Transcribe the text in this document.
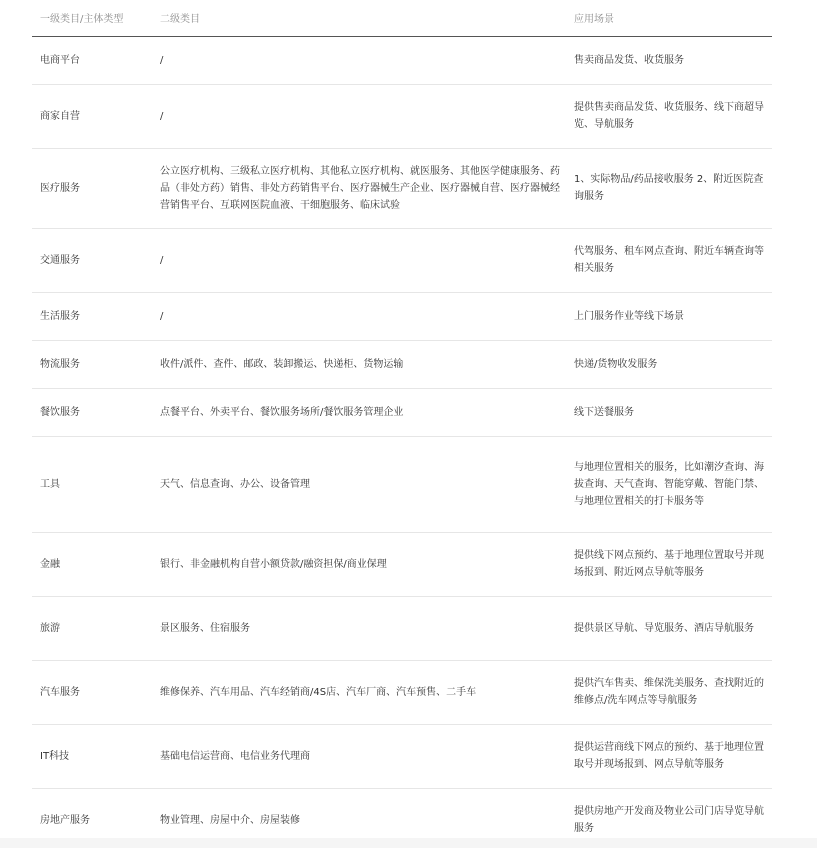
一级类目/主体类型	二级类目	应用场景
电商平台	/	售卖商品发货、收货服务
商家自营	/	提供售卖商品发货、收货服务、线下商超导览、导航服务
医疗服务	公立医疗机构、三级私立医疗机构、其他私立医疗机构、就医服务、其他医学健康服务、药品（非处方药）销售、非处方药销售平台、医疗器械生产企业、医疗器械自营、医疗器械经营销售平台、互联网医院血液、干细胞服务、临床试验	1、实际物品/药品接收服务 2、附近医院查询服务
交通服务	/	代驾服务、租车网点查询、附近车辆查询等相关服务
生活服务	/	上门服务作业等线下场景
物流服务	收件/派件、查件、邮政、装卸搬运、快递柜、货物运输	快递/货物收发服务
餐饮服务	点餐平台、外卖平台、餐饮服务场所/餐饮服务管理企业	线下送餐服务
工具	天气、信息查询、办公、设备管理	与地理位置相关的服务，比如潮汐查询、海拔查询、天气查询、智能穿戴、智能门禁、与地理位置相关的打卡服务等
金融	银行、非金融机构自营小额贷款/融资担保/商业保理	提供线下网点预约、基于地理位置取号并现场报到、附近网点导航等服务
旅游	景区服务、住宿服务	提供景区导航、导览服务、酒店导航服务
汽车服务	维修保养、汽车用品、汽车经销商/4S店、汽车厂商、汽车预售、二手车	提供汽车售卖、维保洗美服务、查找附近的维修点/洗车网点等导航服务
IT科技	基础电信运营商、电信业务代理商	提供运营商线下网点的预约、基于地理位置取号并现场报到、网点导航等服务
房地产服务	物业管理、房屋中介、房屋装修	提供房地产开发商及物业公司门店导览导航服务
